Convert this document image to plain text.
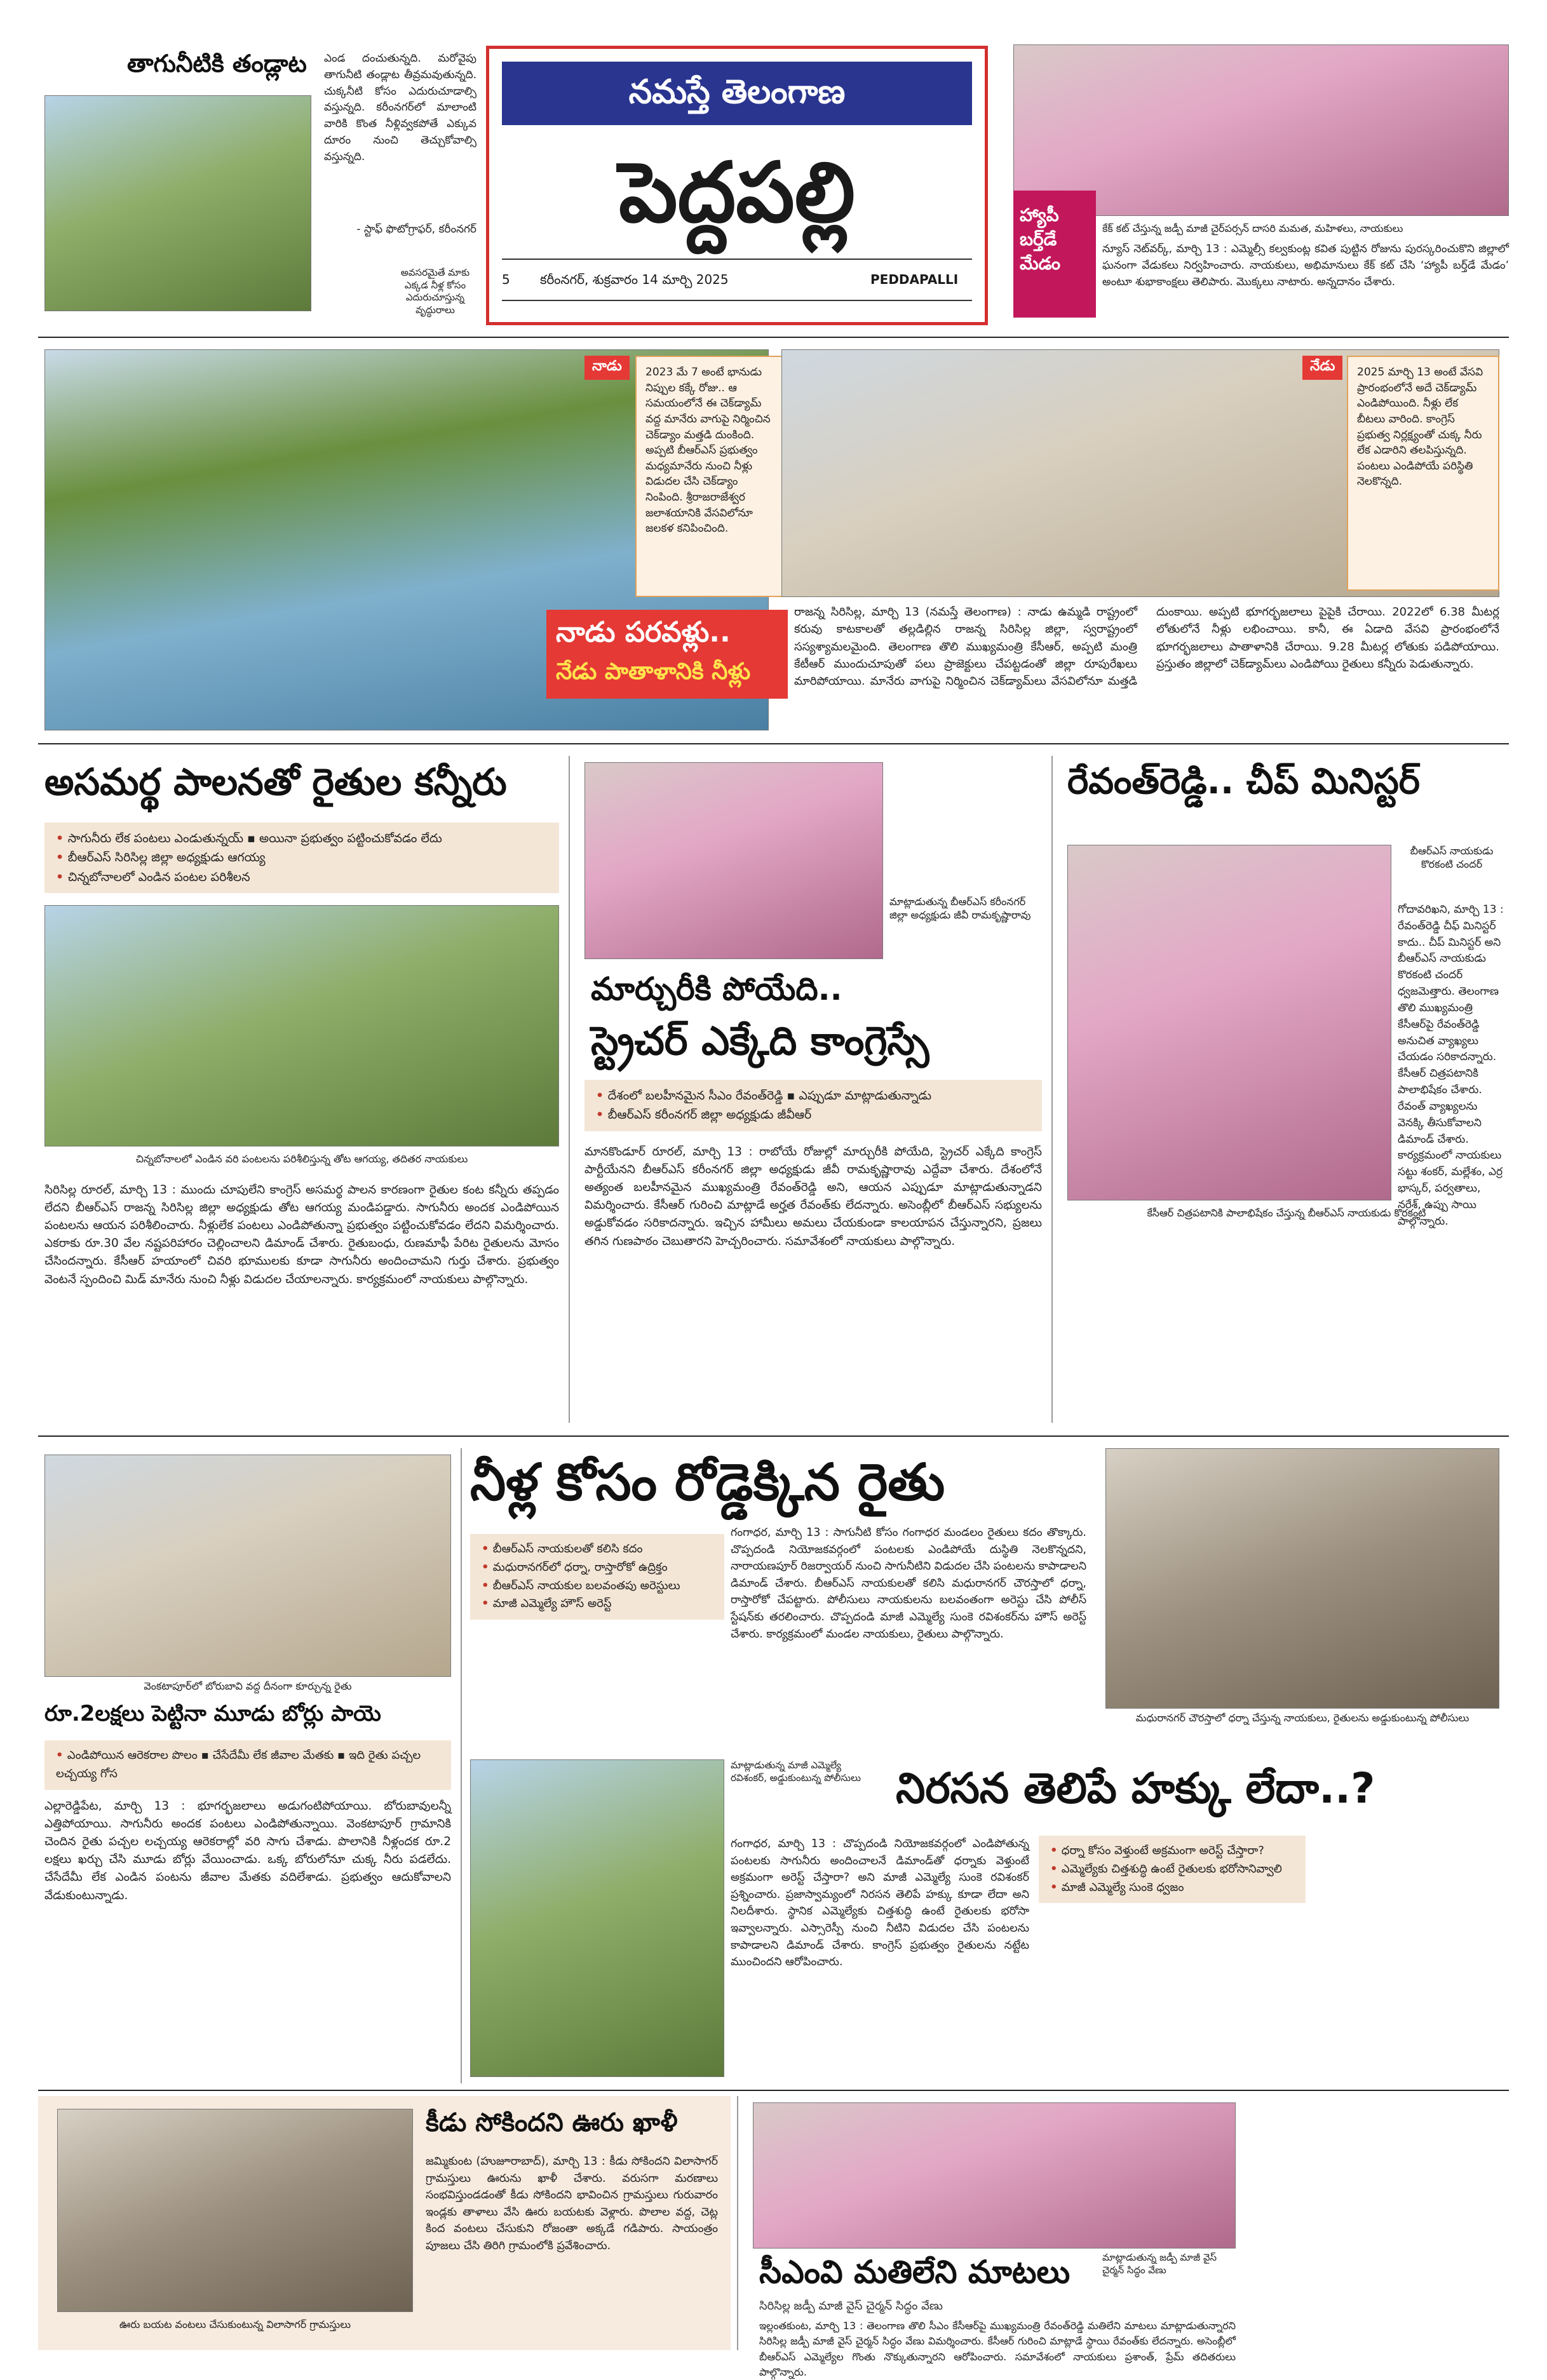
తాగునీటికి తండ్లాట ఎండ దంచుతున్నది. మరోవైపు తాగునీటి తండ్లాట తీవ్రమవుతున్నది. చుక్కనీటి కోసం ఎదురుచూడాల్సి వస్తున్నది. కరీంనగర్‌లో మాలాంటి వారికి కొంత నీళ్లివ్వకపోతే ఎక్కువ దూరం నుంచి తెచ్చుకోవాల్సి వస్తున్నది.
- స్టాఫ్ ఫొటోగ్రాఫర్, కరీంనగర్
అవసరమైతే మాకు ఎక్కడ నీళ్ల కోసం ఎదురుచూస్తున్న వృద్ధురాలు
నమస్తే తెలంగాణ
పెద్దపల్లి
5 కరీంనగర్, శుక్రవారం 14 మార్చి 2025	PEDDAPALLI
హ్యాపీ బర్త్‌డే మేడం
కేక్ కట్ చేస్తున్న జడ్పీ మాజీ చైర్‌పర్సన్ దాసరి మమత, మహిళలు, నాయకులు
న్యూస్ నెట్‌వర్క్, మార్చి 13 : ఎమ్మెల్సీ కల్వకుంట్ల కవిత పుట్టిన రోజును పురస్కరించుకొని జిల్లాలో ఘనంగా వేడుకలు నిర్వహించారు. నాయకులు, అభిమానులు కేక్ కట్ చేసి ‘హ్యాపీ బర్త్‌డే మేడం’ అంటూ శుభాకాంక్షలు తెలిపారు. మొక్కలు నాటారు. అన్నదానం చేశారు.
నాడు	2023 మే 7 అంటే భానుడు నిప్పుల కక్కే రోజు.. ఆ సమయంలోనే ఈ చెక్‌డ్యామ్ వద్ద మానేరు వాగుపై నిర్మించిన చెక్‌డ్యాం మత్తడి దుంకింది. అప్పటి బీఆర్‌ఎస్ ప్రభుత్వం మధ్యమానేరు నుంచి నీళ్లు విడుదల చేసి చెక్‌డ్యాం నింపింది. శ్రీరాజరాజేశ్వర జలాశయానికి వేసవిలోనూ జలకళ కనిపించింది.
నేడు	2025 మార్చి 13 అంటే వేసవి ప్రారంభంలోనే అదే చెక్‌డ్యామ్ ఎండిపోయింది. నీళ్లు లేక బీటలు వారింది. కాంగ్రెస్ ప్రభుత్వ నిర్లక్ష్యంతో చుక్క నీరు లేక ఎడారిని తలపిస్తున్నది. పంటలు ఎండిపోయే పరిస్థితి నెలకొన్నది.
నాడు పరవళ్లు..
నేడు పాతాళానికి నీళ్లు
రాజన్న సిరిసిల్ల, మార్చి 13 (నమస్తే తెలంగాణ) : నాడు ఉమ్మడి రాష్ట్రంలో కరువు కాటకాలతో తల్లడిల్లిన రాజన్న సిరిసిల్ల జిల్లా, స్వరాష్ట్రంలో సస్యశ్యామలమైంది. తెలంగాణ తొలి ముఖ్యమంత్రి కేసీఆర్, అప్పటి మంత్రి కేటీఆర్ ముందుచూపుతో పలు ప్రాజెక్టులు చేపట్టడంతో జిల్లా రూపురేఖలు మారిపోయాయి. మానేరు వాగుపై నిర్మించిన చెక్‌డ్యామ్‌లు వేసవిలోనూ మత్తడి దుంకాయి. అప్పటి భూగర్భజలాలు పైపైకి చేరాయి. 2022లో 6.38 మీటర్ల లోతులోనే నీళ్లు లభించాయి. కానీ, ఈ ఏడాది వేసవి ప్రారంభంలోనే భూగర్భజలాలు పాతాళానికి చేరాయి. 9.28 మీటర్ల లోతుకు పడిపోయాయి. ప్రస్తుతం జిల్లాలో చెక్‌డ్యామ్‌లు ఎండిపోయి రైతులు కన్నీరు పెడుతున్నారు.
అసమర్థ పాలనతో రైతుల కన్నీరు
• సాగునీరు లేక పంటలు ఎండుతున్నయ్ ▪ అయినా ప్రభుత్వం పట్టించుకోవడం లేదు
• బీఆర్‌ఎస్ సిరిసిల్ల జిల్లా అధ్యక్షుడు ఆగయ్య
• చిన్నబోనాలలో ఎండిన పంటల పరిశీలన
చిన్నబోనాలలో ఎండిన వరి పంటలను పరిశీలిస్తున్న తోట ఆగయ్య, తదితర నాయకులు
సిరిసిల్ల రూరల్, మార్చి 13 : ముందు చూపులేని కాంగ్రెస్ అసమర్థ పాలన కారణంగా రైతుల కంట కన్నీరు తప్పడం లేదని బీఆర్‌ఎస్ రాజన్న సిరిసిల్ల జిల్లా అధ్యక్షుడు తోట ఆగయ్య మండిపడ్డారు. సాగునీరు అందక ఎండిపోయిన పంటలను ఆయన పరిశీలించారు. నీళ్లులేక పంటలు ఎండిపోతున్నా ప్రభుత్వం పట్టించుకోవడం లేదని విమర్శించారు. ఎకరాకు రూ.30 వేల నష్టపరిహారం చెల్లించాలని డిమాండ్ చేశారు. రైతుబంధు, రుణమాఫీ పేరిట రైతులను మోసం చేసిందన్నారు. కేసీఆర్ హయాంలో చివరి భూములకు కూడా సాగునీరు అందించామని గుర్తు చేశారు. ప్రభుత్వం వెంటనే స్పందించి మిడ్ మానేరు నుంచి నీళ్లు విడుదల చేయాలన్నారు. కార్యక్రమంలో నాయకులు పాల్గొన్నారు.
మాట్లాడుతున్న బీఆర్‌ఎస్ కరీంనగర్ జిల్లా అధ్యక్షుడు జీవీ రామకృష్ణారావు
మార్చురీకి పోయేది..
స్ట్రెచర్ ఎక్కేది కాంగ్రెస్సే
• దేశంలో బలహీనమైన సీఎం రేవంత్‌రెడ్డి ▪ ఎప్పుడూ మాట్లాడుతున్నాడు
• బీఆర్‌ఎస్ కరీంనగర్ జిల్లా అధ్యక్షుడు జీవీఆర్
మానకొండూర్ రూరల్, మార్చి 13 : రాబోయే రోజుల్లో మార్చురీకి పోయేది, స్ట్రెచర్ ఎక్కేది కాంగ్రెస్ పార్టీయేనని బీఆర్‌ఎస్ కరీంనగర్ జిల్లా అధ్యక్షుడు జీవీ రామకృష్ణారావు ఎద్దేవా చేశారు. దేశంలోనే అత్యంత బలహీనమైన ముఖ్యమంత్రి రేవంత్‌రెడ్డి అని, ఆయన ఎప్పుడూ మాట్లాడుతున్నాడని విమర్శించారు. కేసీఆర్ గురించి మాట్లాడే అర్హత రేవంత్‌కు లేదన్నారు. అసెంబ్లీలో బీఆర్‌ఎస్ సభ్యులను అడ్డుకోవడం సరికాదన్నారు. ఇచ్చిన హామీలు అమలు చేయకుండా కాలయాపన చేస్తున్నారని, ప్రజలు తగిన గుణపాఠం చెబుతారని హెచ్చరించారు. సమావేశంలో నాయకులు పాల్గొన్నారు.
రేవంత్‌రెడ్డి.. చీప్ మినిస్టర్
బీఆర్‌ఎస్ నాయకుడు కొరకంటి చందర్
గోదావరిఖని, మార్చి 13 : రేవంత్‌రెడ్డి చీఫ్ మినిస్టర్ కాదు.. చీప్ మినిస్టర్ అని బీఆర్‌ఎస్ నాయకుడు కొరకంటి చందర్ ధ్వజమెత్తారు. తెలంగాణ తొలి ముఖ్యమంత్రి కేసీఆర్‌పై రేవంత్‌రెడ్డి అనుచిత వ్యాఖ్యలు చేయడం సరికాదన్నారు. కేసీఆర్ చిత్రపటానికి పాలాభిషేకం చేశారు. రేవంత్ వ్యాఖ్యలను వెనక్కి తీసుకోవాలని డిమాండ్ చేశారు. కార్యక్రమంలో నాయకులు సట్టు శంకర్, మల్లేశం, ఎర్ర భాస్కర్, పర్వతాలు, నరేశ్, ఉప్పు సాయి పాల్గొన్నారు.
కేసీఆర్ చిత్రపటానికి పాలాభిషేకం చేస్తున్న బీఆర్‌ఎస్ నాయకుడు కొరకంటి
వెంకటాపూర్‌లో బోరుబావి వద్ద దీనంగా కూర్చున్న రైతు
రూ.2లక్షలు పెట్టినా మూడు బోర్లు పాయె
• ఎండిపోయిన ఆరెకరాల పొలం ▪ చేసేదేమీ లేక జీవాల మేతకు ▪ ఇది రైతు పచ్చల లచ్చయ్య గోస
ఎల్లారెడ్డిపేట, మార్చి 13 : భూగర్భజలాలు అడుగంటిపోయాయి. బోరుబావులన్నీ ఎత్తిపోయాయి. సాగునీరు అందక పంటలు ఎండిపోతున్నాయి. వెంకటాపూర్ గ్రామానికి చెందిన రైతు పచ్చల లచ్చయ్య ఆరెకరాల్లో వరి సాగు చేశాడు. పొలానికి నీళ్లందక రూ.2 లక్షలు ఖర్చు చేసి మూడు బోర్లు వేయించాడు. ఒక్క బోరులోనూ చుక్క నీరు పడలేదు. చేసేదేమీ లేక ఎండిన పంటను జీవాల మేతకు వదిలేశాడు. ప్రభుత్వం ఆదుకోవాలని వేడుకుంటున్నాడు.
నీళ్ల కోసం రోడ్డెక్కిన రైతు
• బీఆర్‌ఎస్ నాయకులతో కలిసి కదం
• మధురానగర్‌లో ధర్నా, రాస్తారోకో ఉద్రిక్తం
• బీఆర్‌ఎస్ నాయకుల బలవంతపు అరెస్టులు
• మాజీ ఎమ్మెల్యే హౌస్ అరెస్ట్
గంగాధర, మార్చి 13 : సాగునీటి కోసం గంగాధర మండలం రైతులు కదం తొక్కారు. చొప్పదండి నియోజకవర్గంలో పంటలకు ఎండిపోయే దుస్థితి నెలకొన్నదని, నారాయణపూర్ రిజర్వాయర్ నుంచి సాగునీటిని విడుదల చేసి పంటలను కాపాడాలని డిమాండ్ చేశారు. బీఆర్‌ఎస్ నాయకులతో కలిసి మధురానగర్ చౌరస్తాలో ధర్నా, రాస్తారోకో చేపట్టారు. పోలీసులు నాయకులను బలవంతంగా అరెస్టు చేసి పోలీస్ స్టేషన్‌కు తరలించారు. చొప్పదండి మాజీ ఎమ్మెల్యే సుంకె రవిశంకర్‌ను హౌస్ అరెస్ట్ చేశారు. కార్యక్రమంలో మండల నాయకులు, రైతులు పాల్గొన్నారు.
మధురానగర్ చౌరస్తాలో ధర్నా చేస్తున్న నాయకులు, రైతులను అడ్డుకుంటున్న పోలీసులు
మాట్లాడుతున్న మాజీ ఎమ్మెల్యే రవిశంకర్, అడ్డుకుంటున్న పోలీసులు నిరసన తెలిపే హక్కు లేదా..?
గంగాధర, మార్చి 13 : చొప్పదండి నియోజకవర్గంలో ఎండిపోతున్న పంటలకు సాగునీరు అందించాలనే డిమాండ్‌తో ధర్నాకు వెళ్తుంటే అక్రమంగా అరెస్ట్ చేస్తారా? అని మాజీ ఎమ్మెల్యే సుంకె రవిశంకర్ ప్రశ్నించారు. ప్రజాస్వామ్యంలో నిరసన తెలిపే హక్కు కూడా లేదా అని నిలదీశారు. స్థానిక ఎమ్మెల్యేకు చిత్తశుద్ధి ఉంటే రైతులకు భరోసా ఇవ్వాలన్నారు. ఎస్సారెస్పీ నుంచి నీటిని విడుదల చేసి పంటలను కాపాడాలని డిమాండ్ చేశారు. కాంగ్రెస్ ప్రభుత్వం రైతులను నట్టేట ముంచిందని ఆరోపించారు.
• ధర్నా కోసం వెళ్తుంటే అక్రమంగా అరెస్ట్ చేస్తారా?
• ఎమ్మెల్యేకు చిత్తశుద్ధి ఉంటే రైతులకు భరోసానివ్వాలి
• మాజీ ఎమ్మెల్యే సుంకె ధ్వజం
ఊరు బయట వంటలు చేసుకుంటున్న విలాసాగర్ గ్రామస్తులు
కీడు సోకిందని ఊరు ఖాళీ
జమ్మికుంట (హుజూరాబాద్), మార్చి 13 : కీడు సోకిందని విలాసాగర్ గ్రామస్తులు ఊరును ఖాళీ చేశారు. వరుసగా మరణాలు సంభవిస్తుండడంతో కీడు సోకిందని భావించిన గ్రామస్తులు గురువారం ఇండ్లకు తాళాలు వేసి ఊరు బయటకు వెళ్లారు. పొలాల వద్ద, చెట్ల కింద వంటలు చేసుకుని రోజంతా అక్కడే గడిపారు. సాయంత్రం పూజలు చేసి తిరిగి గ్రామంలోకి ప్రవేశించారు.
మాట్లాడుతున్న జడ్పీ మాజీ వైస్ చైర్మన్ సిద్ధం వేణు
సీఎంవి మతిలేని మాటలు
సిరిసిల్ల జడ్పీ మాజీ వైస్ చైర్మన్ సిద్ధం వేణు
ఇల్లంతకుంట, మార్చి 13 : తెలంగాణ తొలి సీఎం కేసీఆర్‌పై ముఖ్యమంత్రి రేవంత్‌రెడ్డి మతిలేని మాటలు మాట్లాడుతున్నారని సిరిసిల్ల జడ్పీ మాజీ వైస్ చైర్మన్ సిద్ధం వేణు విమర్శించారు. కేసీఆర్ గురించి మాట్లాడే స్థాయి రేవంత్‌కు లేదన్నారు. అసెంబ్లీలో బీఆర్‌ఎస్ ఎమ్మెల్యేల గొంతు నొక్కుతున్నారని ఆరోపించారు. సమావేశంలో నాయకులు ప్రశాంత్, ప్రేమ్ తదితరులు పాల్గొన్నారు.
